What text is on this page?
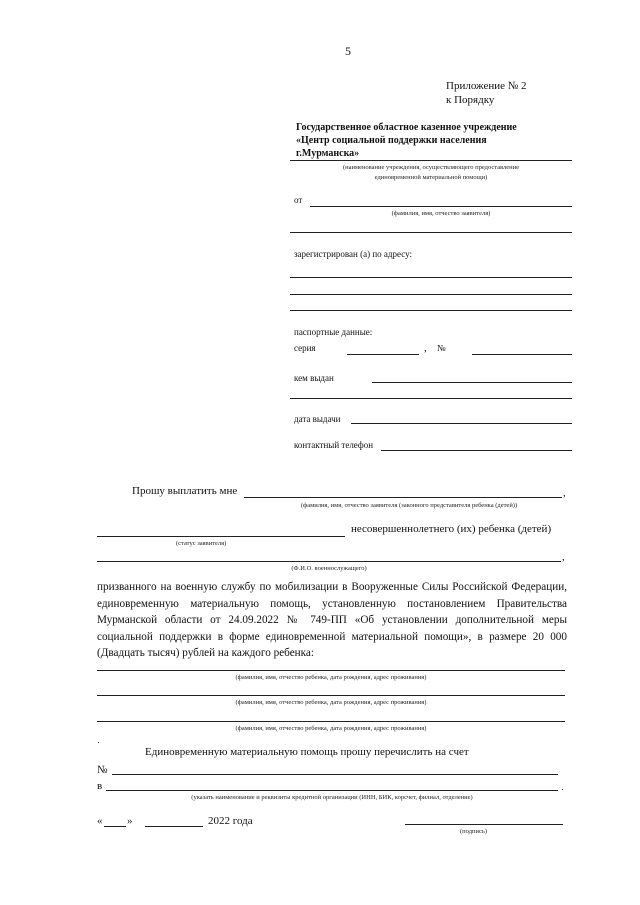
5
Приложение № 2
к Порядку
Государственное областное казенное учреждение
«Центр социальной поддержки населения
г.Мурманска»
(наименование учреждения, осуществляющего предоставление
единовременной материальной помощи)
от
(фамилия, имя, отчество заявителя)
зарегистрирован (а) по адресу:
паспортные данные:
серия	, №
кем выдан
дата выдачи
контактный телефон
Прошу выплатить мне	,
(фамилия, имя, отчество заявителя (законного представителя ребенка (детей))
несовершеннолетнего (их) ребенка (детей)
(статус заявителя)
,
(Ф.И.О. военнослужащего)
призванного на военную службу по мобилизации в Вооруженные Силы Российской Федерации, единовременную материальную помощь, установленную постановлением Правительства Мурманской области от 24.09.2022 № 749-ПП «Об установлении дополнительной меры социальной поддержки в форме единовременной материальной помощи», в размере 20 000 (Двадцать тысяч) рублей на каждого ребенка:
(фамилия, имя, отчество ребенка, дата рождения, адрес проживания)
(фамилия, имя, отчество ребенка, дата рождения, адрес проживания)
(фамилия, имя, отчество ребенка, дата рождения, адрес проживания)
Единовременную материальную помощь прошу перечислить на счет
№
в
(указать наименование и реквизиты кредитной организации (ИНН, БИК, корсчет, филиал, отделение)
« »	2022 года
(подпись)
